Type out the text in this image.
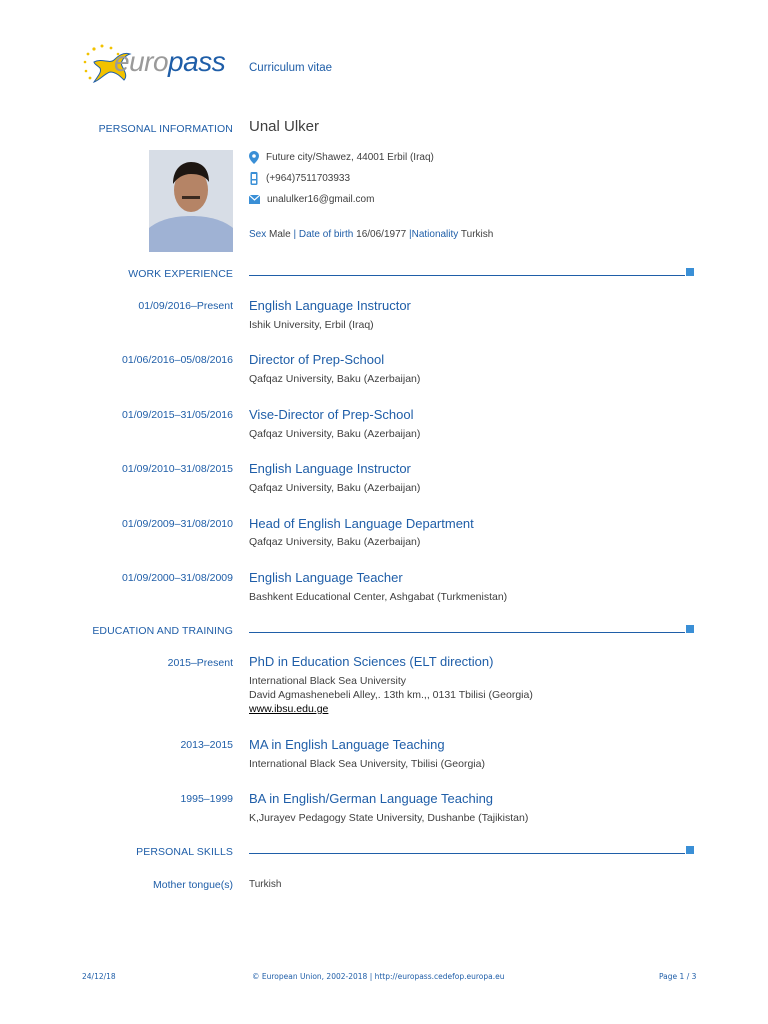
europass Curriculum vitae
PERSONAL INFORMATION Unal Ulker
Future city/Shawez, 44001 Erbil (Iraq)
(+964)7511703933
unalulker16@gmail.com
Sex Male | Date of birth 16/06/1977 |Nationality Turkish
WORK EXPERIENCE
01/09/2016–Present English Language Instructor
Ishik University, Erbil (Iraq)
01/06/2016–05/08/2016 Director of Prep-School
Qafqaz University, Baku (Azerbaijan)
01/09/2015–31/05/2016 Vise-Director of Prep-School
Qafqaz University, Baku (Azerbaijan)
01/09/2010–31/08/2015 English Language Instructor
Qafqaz University, Baku (Azerbaijan)
01/09/2009–31/08/2010 Head of English Language Department
Qafqaz University, Baku (Azerbaijan)
01/09/2000–31/08/2009 English Language Teacher
Bashkent Educational Center, Ashgabat (Turkmenistan)
EDUCATION AND TRAINING
2015–Present PhD in Education Sciences (ELT direction)
International Black Sea University
David Agmashenebeli Alley,. 13th km.,, 0131 Tbilisi (Georgia)
www.ibsu.edu.ge
2013–2015 MA in English Language Teaching
International Black Sea University, Tbilisi (Georgia)
1995–1999 BA in English/German Language Teaching
K,Jurayev Pedagogy State University, Dushanbe (Tajikistan)
PERSONAL SKILLS
Mother tongue(s) Turkish
24/12/18	© European Union, 2002-2018 | http://europass.cedefop.europa.eu	Page 1 / 3
